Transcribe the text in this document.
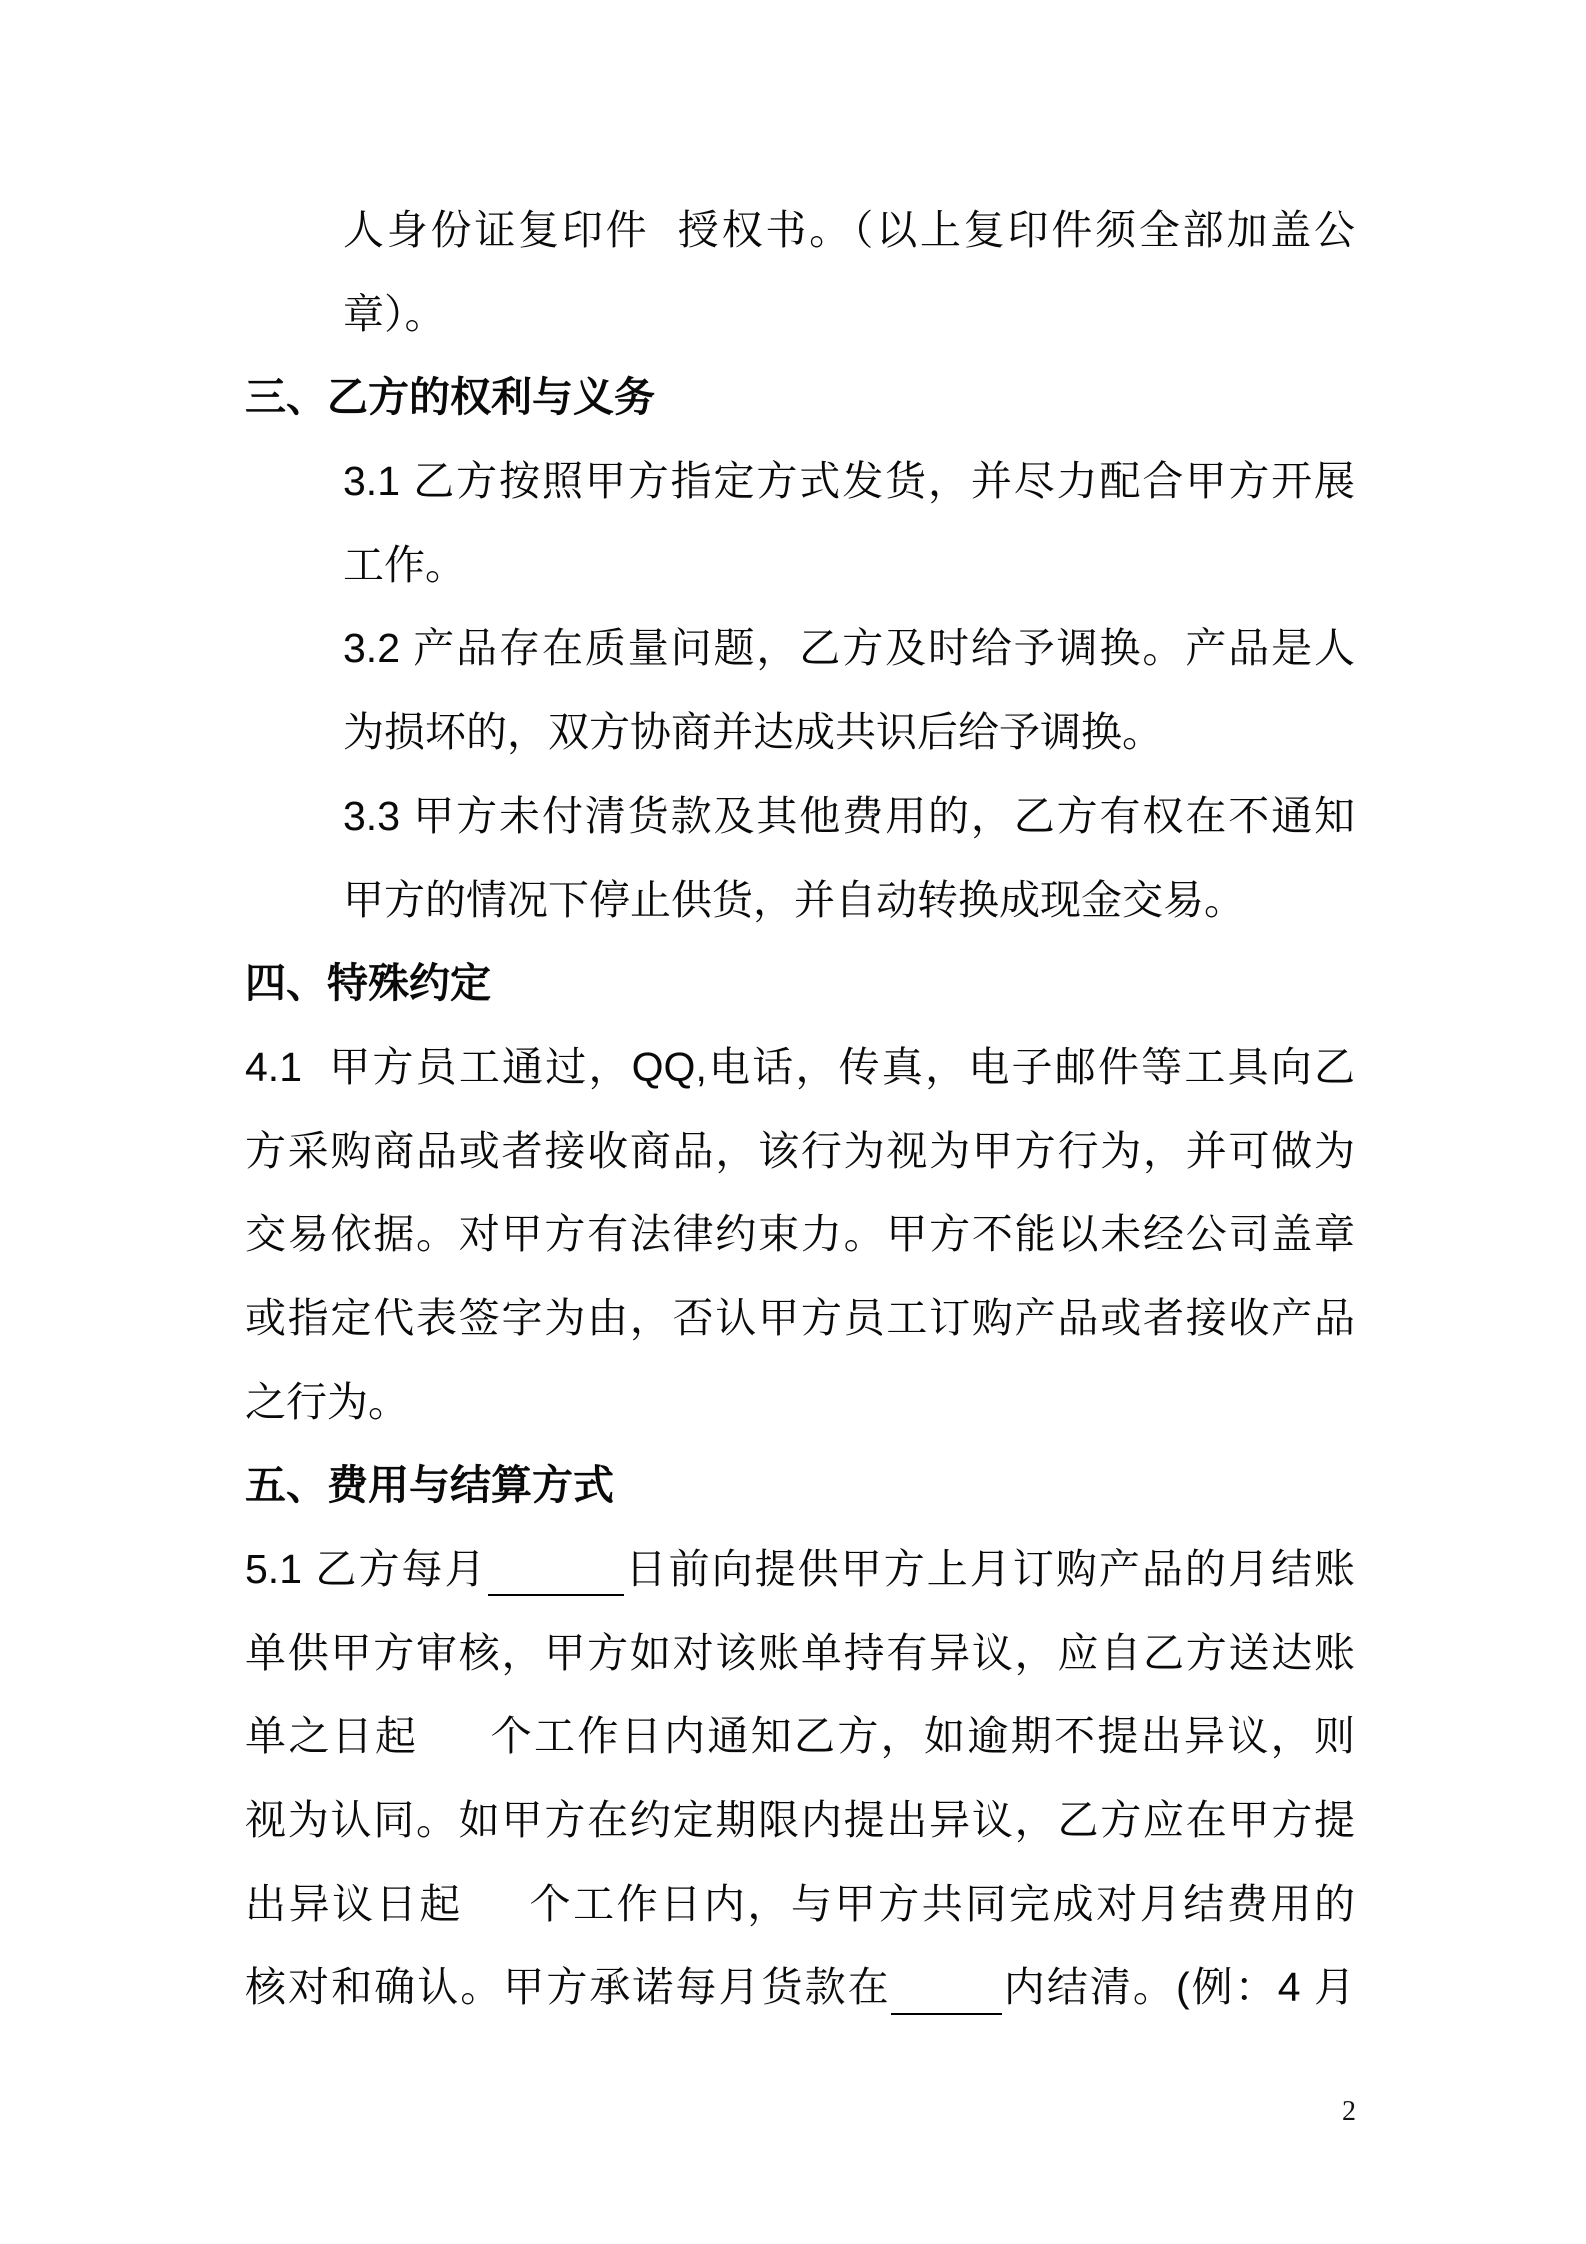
人身份证复印件  授权书。（以上复印件须全部加盖公
章）。
三、乙方的权利与义务
3.1 乙方按照甲方指定方式发货，并尽力配合甲方开展
工作。
3.2 产品存在质量问题，乙方及时给予调换。产品是人
为损坏的，双方协商并达成共识后给予调换。
3.3 甲方未付清货款及其他费用的，乙方有权在不通知
甲方的情况下停止供货，并自动转换成现金交易。
四、特殊约定
4.1  甲方员工通过，QQ,电话，传真，电子邮件等工具向乙
方采购商品或者接收商品，该行为视为甲方行为，并可做为
交易依据。对甲方有法律约束力。甲方不能以未经公司盖章
或指定代表签字为由，否认甲方员工订购产品或者接收产品
之行为。
五、费用与结算方式
5.1 乙方每月	日前向提供甲方上月订购产品的月结账
单供甲方审核，甲方如对该账单持有异议，应自乙方送达账
单之日起 个工作日内通知乙方，如逾期不提出异议，则
视为认同。如甲方在约定期限内提出异议，乙方应在甲方提
出异议日起 个工作日内，与甲方共同完成对月结费用的
核对和确认。甲方承诺每月货款在	内结清。(例：4 月
2
